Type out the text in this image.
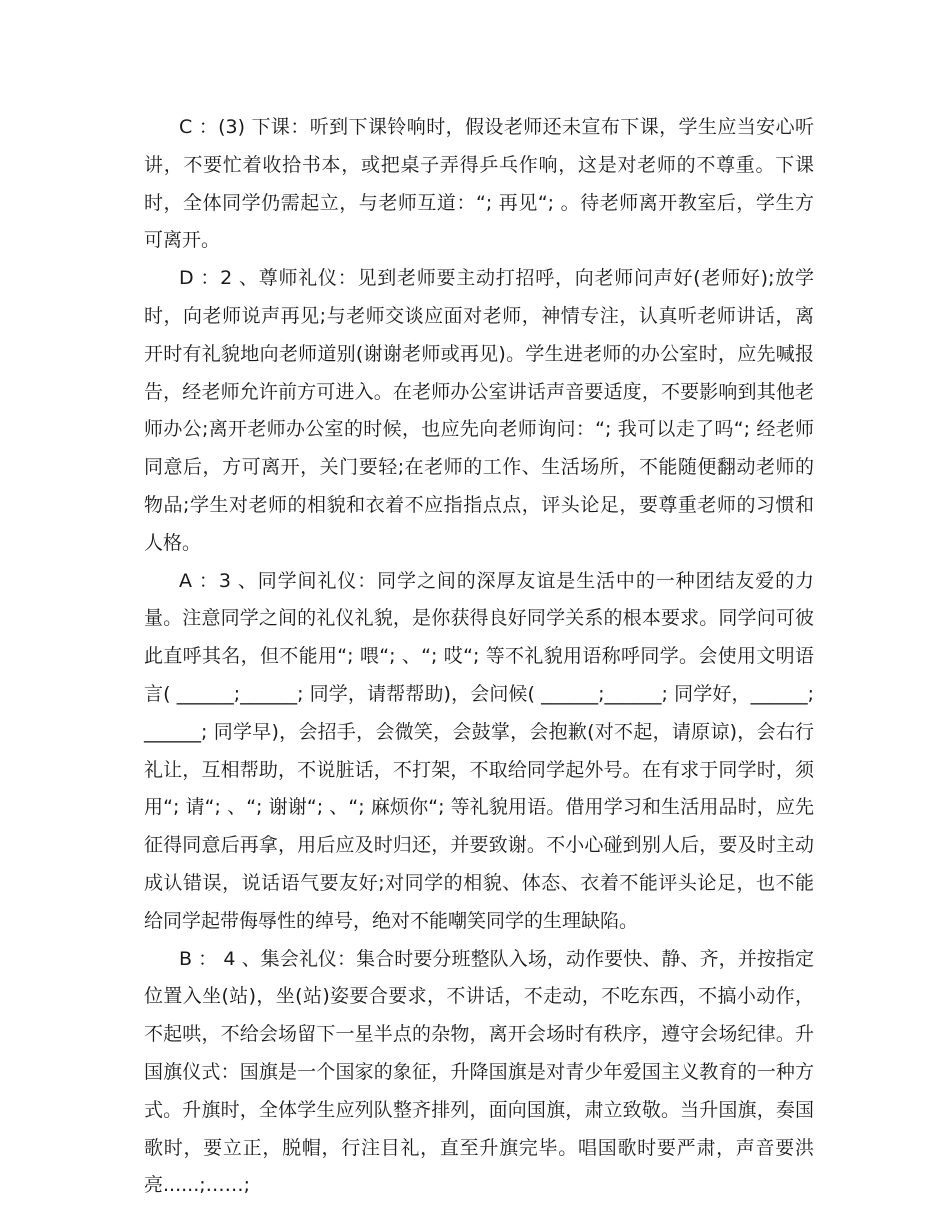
C ：(3) 下课：听到下课铃响时，假设老师还未宣布下课，学生应当安心听讲，不要忙着收拾书本，或把桌子弄得乒乓作响，这是对老师的不尊重。下课时，全体同学仍需起立，与老师互道：“; 再见“; 。待老师离开教室后，学生方可离开。

D ：2 、尊师礼仪：见到老师要主动打招呼，向老师问声好(老师好);放学时，向老师说声再见;与老师交谈应面对老师，神情专注，认真听老师讲话，离开时有礼貌地向老师道别(谢谢老师或再见)。学生进老师的办公室时，应先喊报告，经老师允许前方可进入。在老师办公室讲话声音要适度，不要影响到其他老师办公;离开老师办公室的时候，也应先向老师询问：“; 我可以走了吗“; 经老师同意后，方可离开，关门要轻;在老师的工作、生活场所，不能随便翻动老师的物品;学生对老师的相貌和衣着不应指指点点，评头论足，要尊重老师的习惯和人格。

A ：3 、同学间礼仪：同学之间的深厚友谊是生活中的一种团结友爱的力量。注意同学之间的礼仪礼貌，是你获得良好同学关系的根本要求。同学问可彼此直呼其名，但不能用“; 喂“; 、“; 哎“; 等不礼貌用语称呼同学。会使用文明语言( ______;______; 同学，请帮帮助)，会问候( ______;______; 同学好，______;______; 同学早)，会招手，会微笑，会鼓掌，会抱歉(对不起，请原谅)，会右行礼让，互相帮助，不说脏话，不打架，不取给同学起外号。在有求于同学时，须用“; 请“; 、“; 谢谢“; 、“; 麻烦你“; 等礼貌用语。借用学习和生活用品时，应先征得同意后再拿，用后应及时归还，并要致谢。不小心碰到别人后，要及时主动成认错误，说话语气要友好;对同学的相貌、体态、衣着不能评头论足，也不能给同学起带侮辱性的绰号，绝对不能嘲笑同学的生理缺陷。

B ： 4 、集会礼仪：集合时要分班整队入场，动作要快、静、齐，并按指定位置入坐(站)，坐(站)姿要合要求，不讲话，不走动，不吃东西，不搞小动作，不起哄，不给会场留下一星半点的杂物，离开会场时有秩序，遵守会场纪律。升国旗仪式：国旗是一个国家的象征，升降国旗是对青少年爱国主义教育的一种方式。升旗时，全体学生应列队整齐排列，面向国旗，肃立致敬。当升国旗，奏国歌时，要立正，脱帽，行注目礼，直至升旗完毕。唱国歌时要严肃，声音要洪亮......;……;
